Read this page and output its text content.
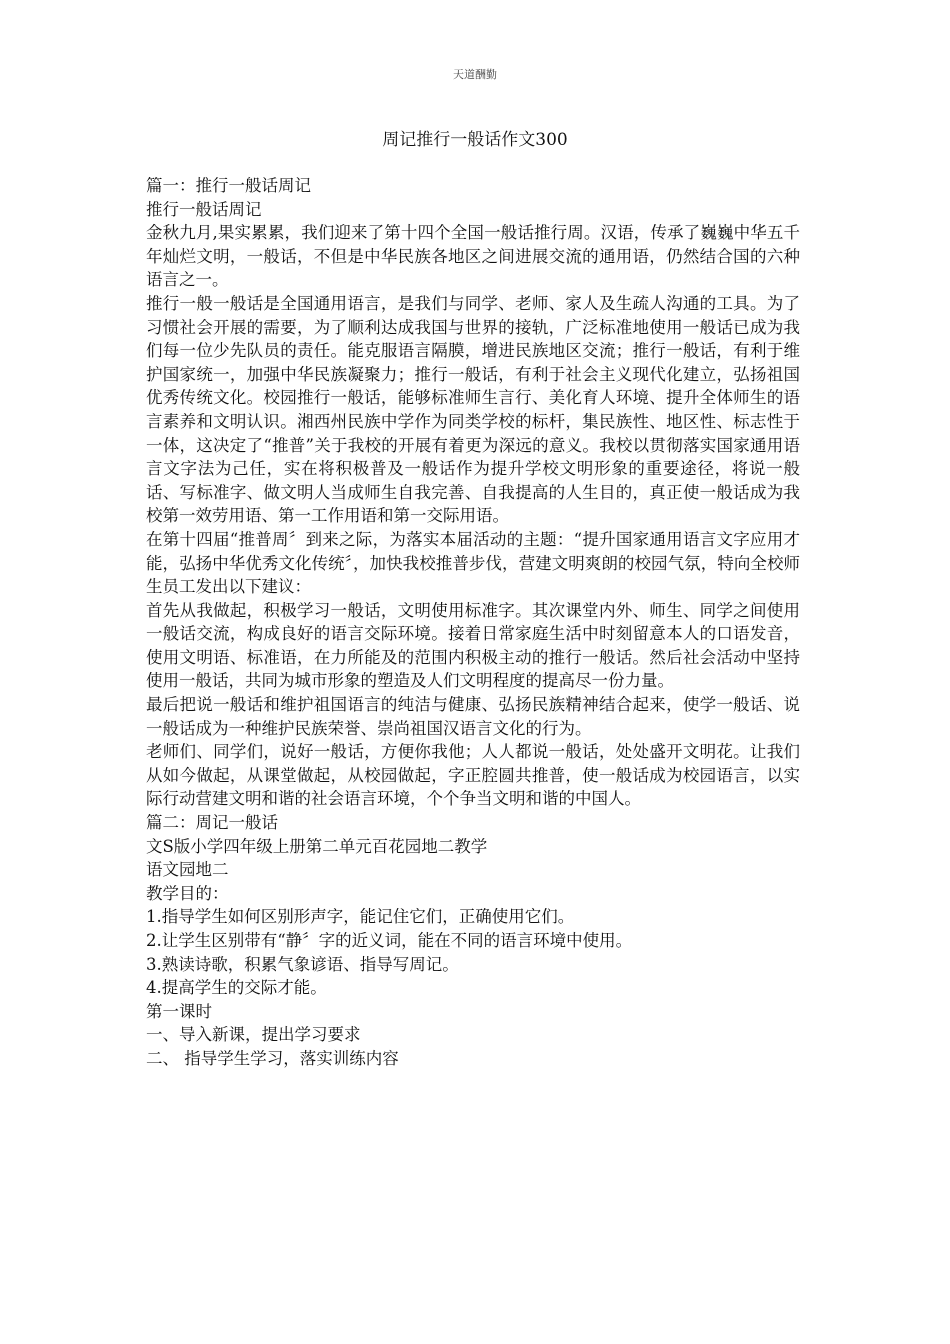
天道酬勤
周记推行一般话作文300

篇一：推行一般话周记

推行一般话周记

金秋九月,果实累累，我们迎来了第十四个全国一般话推行周。汉语，传承了巍巍中华五千年灿烂文明，一般话，不但是中华民族各地区之间进展交流的通用语，仍然结合国的六种语言之一。

推行一般一般话是全国通用语言，是我们与同学、老师、家人及生疏人沟通的工具。为了习惯社会开展的需要，为了顺利达成我国与世界的接轨，广泛标准地使用一般话已成为我们每一位少先队员的责任。能克服语言隔膜，增进民族地区交流；推行一般话，有利于维护国家统一，加强中华民族凝聚力；推行一般话，有利于社会主义现代化建立，弘扬祖国优秀传统文化。校园推行一般话，能够标准师生言行、美化育人环境、提升全体师生的语言素养和文明认识。湘西州民族中学作为同类学校的标杆，集民族性、地区性、标志性于一体，这决定了“推普”关于我校的开展有着更为深远的意义。我校以贯彻落实国家通用语言文字法为己任，实在将积极普及一般话作为提升学校文明形象的重要途径，将说一般话、写标准字、做文明人当成师生自我完善、自我提高的人生目的，真正使一般话成为我校第一效劳用语、第一工作用语和第一交际用语。

在第十四届“推普周〞到来之际，为落实本届活动的主题：“提升国家通用语言文字应用才能，弘扬中华优秀文化传统〞，加快我校推普步伐，营建文明爽朗的校园气氛，特向全校师生员工发出以下建议：

首先从我做起，积极学习一般话，文明使用标准字。其次课堂内外、师生、同学之间使用一般话交流，构成良好的语言交际环境。接着日常家庭生活中时刻留意本人的口语发音，使用文明语、标准语，在力所能及的范围内积极主动的推行一般话。然后社会活动中坚持使用一般话，共同为城市形象的塑造及人们文明程度的提高尽一份力量。

最后把说一般话和维护祖国语言的纯洁与健康、弘扬民族精神结合起来，使学一般话、说一般话成为一种维护民族荣誉、崇尚祖国汉语言文化的行为。

老师们、同学们，说好一般话，方便你我他；人人都说一般话，处处盛开文明花。让我们从如今做起，从课堂做起，从校园做起，字正腔圆共推普，使一般话成为校园语言，以实际行动营建文明和谐的社会语言环境，个个争当文明和谐的中国人。

篇二：周记一般话

文S版小学四年级上册第二单元百花园地二教学

语文园地二

教学目的：

1.指导学生如何区别形声字，能记住它们，正确使用它们。

2.让学生区别带有“静〞字的近义词，能在不同的语言环境中使用。

3.熟读诗歌，积累气象谚语、指导写周记。

4.提高学生的交际才能。

第一课时

一、导入新课，提出学习要求

二、 指导学生学习，落实训练内容
